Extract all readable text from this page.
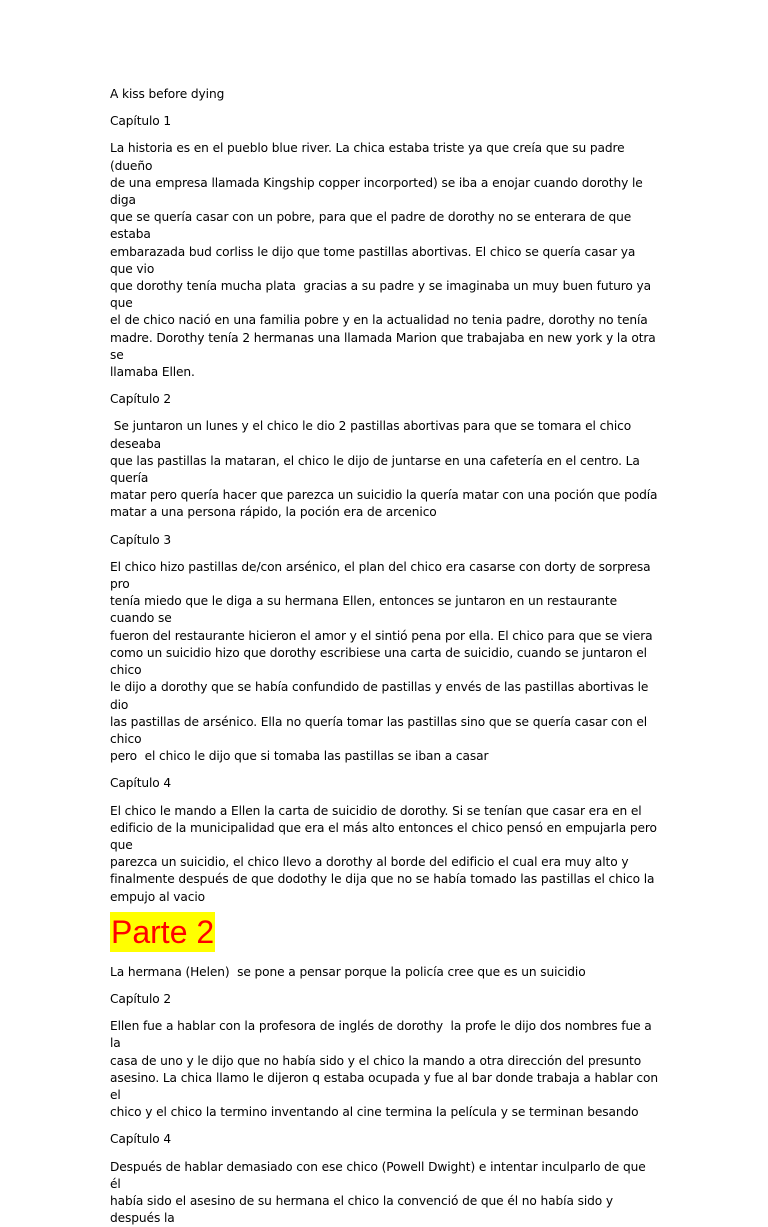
A kiss before dying

Capítulo 1

La historia es en el pueblo blue river. La chica estaba triste ya que creía que su padre (dueño

de una empresa llamada Kingship copper incorported) se iba a enojar cuando dorothy le diga

que se quería casar con un pobre, para que el padre de dorothy no se enterara de que estaba

embarazada bud corliss le dijo que tome pastillas abortivas. El chico se quería casar ya que vio

que dorothy tenía mucha plata  gracias a su padre y se imaginaba un muy buen futuro ya que

el de chico nació en una familia pobre y en la actualidad no tenia padre, dorothy no tenía

madre. Dorothy tenía 2 hermanas una llamada Marion que trabajaba en new york y la otra se

llamaba Ellen.

Capítulo 2

Se juntaron un lunes y el chico le dio 2 pastillas abortivas para que se tomara el chico deseaba

que las pastillas la mataran, el chico le dijo de juntarse en una cafetería en el centro. La quería

matar pero quería hacer que parezca un suicidio la quería matar con una poción que podía

matar a una persona rápido, la poción era de arcenico

Capítulo 3

El chico hizo pastillas de/con arsénico, el plan del chico era casarse con dorty de sorpresa pro

tenía miedo que le diga a su hermana Ellen, entonces se juntaron en un restaurante cuando se

fueron del restaurante hicieron el amor y el sintió pena por ella. El chico para que se viera

como un suicidio hizo que dorothy escribiese una carta de suicidio, cuando se juntaron el chico

le dijo a dorothy que se había confundido de pastillas y envés de las pastillas abortivas le dio

las pastillas de arsénico. Ella no quería tomar las pastillas sino que se quería casar con el chico

pero  el chico le dijo que si tomaba las pastillas se iban a casar

Capítulo 4

El chico le mando a Ellen la carta de suicidio de dorothy. Si se tenían que casar era en el

edificio de la municipalidad que era el más alto entonces el chico pensó en empujarla pero que

parezca un suicidio, el chico llevo a dorothy al borde del edificio el cual era muy alto y

finalmente después de que dodothy le dija que no se había tomado las pastillas el chico la

empujo al vacio

Parte 2

La hermana (Helen)  se pone a pensar porque la policía cree que es un suicidio

Capítulo 2

Ellen fue a hablar con la profesora de inglés de dorothy  la profe le dijo dos nombres fue a la

casa de uno y le dijo que no había sido y el chico la mando a otra dirección del presunto

asesino. La chica llamo le dijeron q estaba ocupada y fue al bar donde trabaja a hablar con el

chico y el chico la termino inventando al cine termina la película y se terminan besando

Capítulo 4

Después de hablar demasiado con ese chico (Powell Dwight) e intentar inculparlo de que él

había sido el asesino de su hermana el chico la convenció de que él no había sido y después la
